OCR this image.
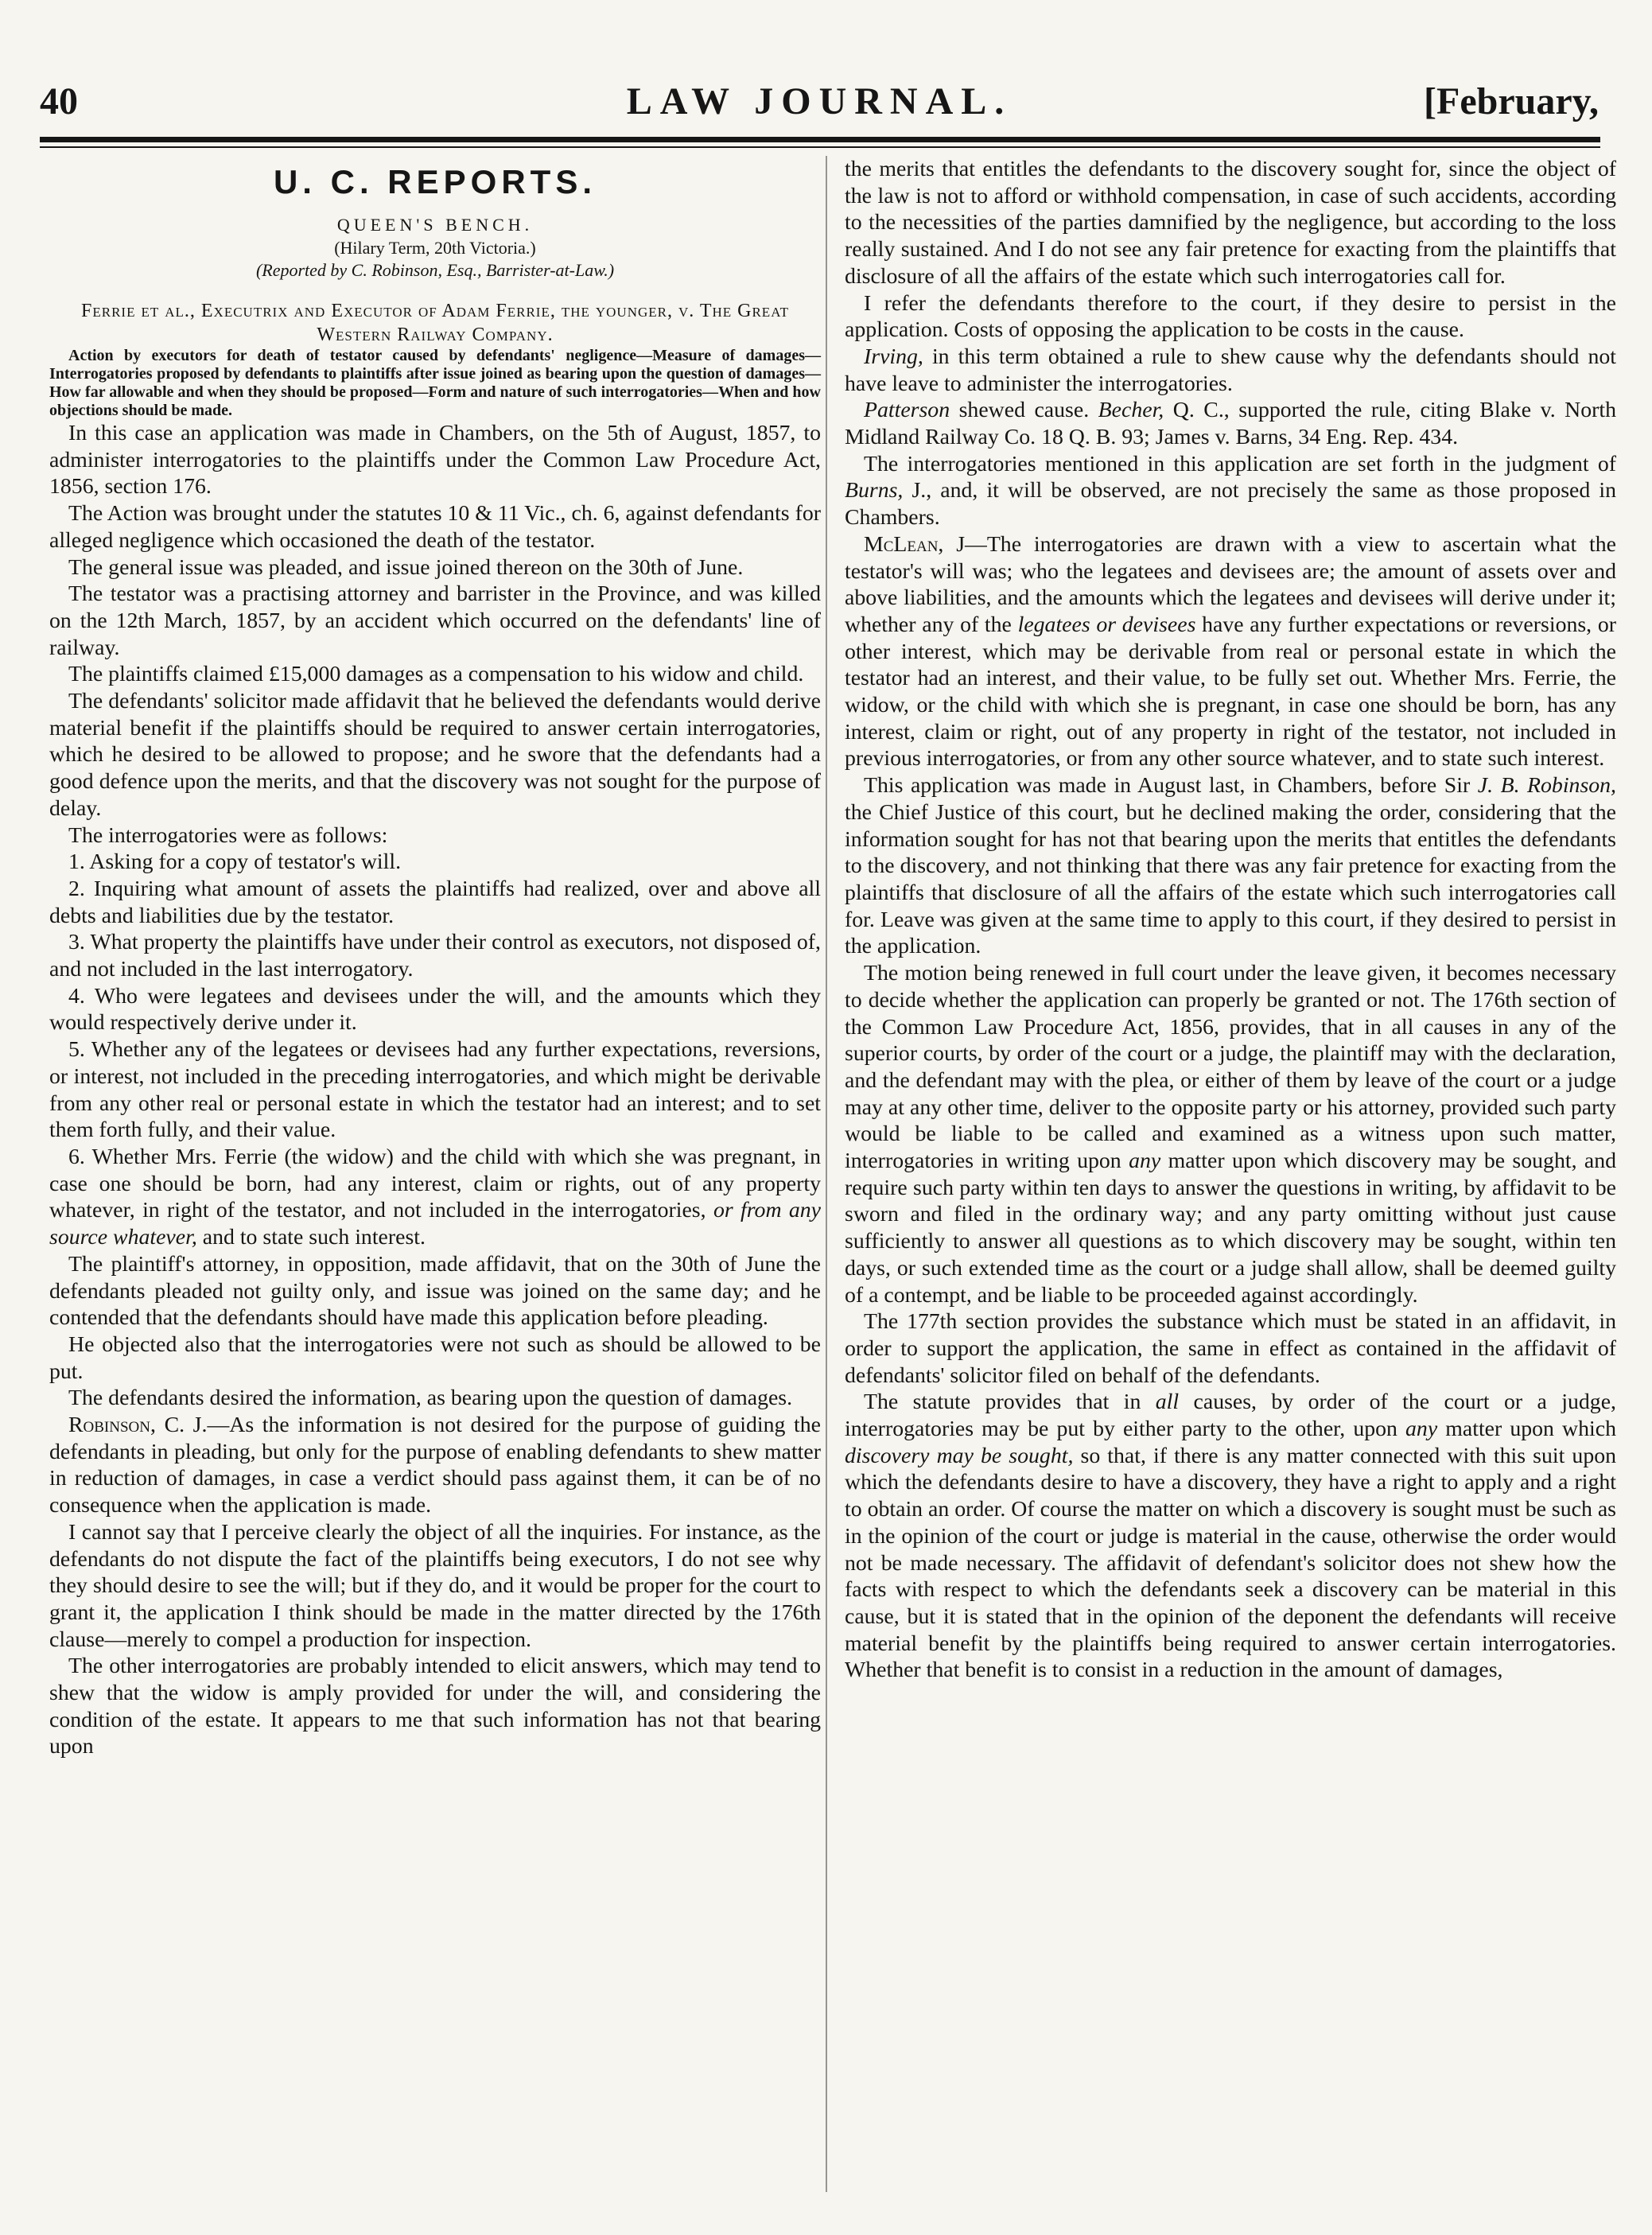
40	LAW JOURNAL.	[February,
U. C. REPORTS.
QUEEN'S BENCH.
(Hilary Term, 20th Victoria.)
(Reported by C. Robinson, Esq., Barrister-at-Law.)
Ferrie et al., Executrix and Executor of Adam Ferrie, the younger, v. The Great Western Railway Company.

Action by executors for death of testator caused by defendants' negligence—Measure of damages—Interrogatories proposed by defendants to plaintiffs after issue joined as bearing upon the question of damages—How far allowable and when they should be proposed—Form and nature of such interrogatories—When and how objections should be made.

In this case an application was made in Chambers, on the 5th of August, 1857, to administer interrogatories to the plaintiffs under the Common Law Procedure Act, 1856, section 176.

The Action was brought under the statutes 10 & 11 Vic., ch. 6, against defendants for alleged negligence which occasioned the death of the testator.

The general issue was pleaded, and issue joined thereon on the 30th of June.

The testator was a practising attorney and barrister in the Province, and was killed on the 12th March, 1857, by an accident which occurred on the defendants' line of railway.

The plaintiffs claimed £15,000 damages as a compensation to his widow and child.

The defendants' solicitor made affidavit that he believed the defendants would derive material benefit if the plaintiffs should be required to answer certain interrogatories, which he desired to be allowed to propose; and he swore that the defendants had a good defence upon the merits, and that the discovery was not sought for the purpose of delay.

The interrogatories were as follows:

1. Asking for a copy of testator's will.

2. Inquiring what amount of assets the plaintiffs had realized, over and above all debts and liabilities due by the testator.

3. What property the plaintiffs have under their control as executors, not disposed of, and not included in the last interrogatory.

4. Who were legatees and devisees under the will, and the amounts which they would respectively derive under it.

5. Whether any of the legatees or devisees had any further expectations, reversions, or interest, not included in the preceding interrogatories, and which might be derivable from any other real or personal estate in which the testator had an interest; and to set them forth fully, and their value.

6. Whether Mrs. Ferrie (the widow) and the child with which she was pregnant, in case one should be born, had any interest, claim or rights, out of any property whatever, in right of the testator, and not included in the interrogatories, or from any source whatever, and to state such interest.

The plaintiff's attorney, in opposition, made affidavit, that on the 30th of June the defendants pleaded not guilty only, and issue was joined on the same day; and he contended that the defendants should have made this application before pleading.

He objected also that the interrogatories were not such as should be allowed to be put.

The defendants desired the information, as bearing upon the question of damages.

Robinson, C. J.—As the information is not desired for the purpose of guiding the defendants in pleading, but only for the purpose of enabling defendants to shew matter in reduction of damages, in case a verdict should pass against them, it can be of no consequence when the application is made.

I cannot say that I perceive clearly the object of all the inquiries. For instance, as the defendants do not dispute the fact of the plaintiffs being executors, I do not see why they should desire to see the will; but if they do, and it would be proper for the court to grant it, the application I think should be made in the matter directed by the 176th clause—merely to compel a production for inspection.

The other interrogatories are probably intended to elicit answers, which may tend to shew that the widow is amply provided for under the will, and considering the condition of the estate. It appears to me that such information has not that bearing upon

the merits that entitles the defendants to the discovery sought for, since the object of the law is not to afford or withhold compensation, in case of such accidents, according to the necessities of the parties damnified by the negligence, but according to the loss really sustained. And I do not see any fair pretence for exacting from the plaintiffs that disclosure of all the affairs of the estate which such interrogatories call for.

I refer the defendants therefore to the court, if they desire to persist in the application. Costs of opposing the application to be costs in the cause.

Irving, in this term obtained a rule to shew cause why the defendants should not have leave to administer the interrogatories.

Patterson shewed cause. Becher, Q. C., supported the rule, citing Blake v. North Midland Railway Co. 18 Q. B. 93; James v. Barns, 34 Eng. Rep. 434.

The interrogatories mentioned in this application are set forth in the judgment of Burns, J., and, it will be observed, are not precisely the same as those proposed in Chambers.

McLean, J—The interrogatories are drawn with a view to ascertain what the testator's will was; who the legatees and devisees are; the amount of assets over and above liabilities, and the amounts which the legatees and devisees will derive under it; whether any of the legatees or devisees have any further expectations or reversions, or other interest, which may be derivable from real or personal estate in which the testator had an interest, and their value, to be fully set out. Whether Mrs. Ferrie, the widow, or the child with which she is pregnant, in case one should be born, has any interest, claim or right, out of any property in right of the testator, not included in previous interrogatories, or from any other source whatever, and to state such interest.

This application was made in August last, in Chambers, before Sir J. B. Robinson, the Chief Justice of this court, but he declined making the order, considering that the information sought for has not that bearing upon the merits that entitles the defendants to the discovery, and not thinking that there was any fair pretence for exacting from the plaintiffs that disclosure of all the affairs of the estate which such interrogatories call for. Leave was given at the same time to apply to this court, if they desired to persist in the application.

The motion being renewed in full court under the leave given, it becomes necessary to decide whether the application can properly be granted or not. The 176th section of the Common Law Procedure Act, 1856, provides, that in all causes in any of the superior courts, by order of the court or a judge, the plaintiff may with the declaration, and the defendant may with the plea, or either of them by leave of the court or a judge may at any other time, deliver to the opposite party or his attorney, provided such party would be liable to be called and examined as a witness upon such matter, interrogatories in writing upon any matter upon which discovery may be sought, and require such party within ten days to answer the questions in writing, by affidavit to be sworn and filed in the ordinary way; and any party omitting without just cause sufficiently to answer all questions as to which discovery may be sought, within ten days, or such extended time as the court or a judge shall allow, shall be deemed guilty of a contempt, and be liable to be proceeded against accordingly.

The 177th section provides the substance which must be stated in an affidavit, in order to support the application, the same in effect as contained in the affidavit of defendants' solicitor filed on behalf of the defendants.

The statute provides that in all causes, by order of the court or a judge, interrogatories may be put by either party to the other, upon any matter upon which discovery may be sought, so that, if there is any matter connected with this suit upon which the defendants desire to have a discovery, they have a right to apply and a right to obtain an order. Of course the matter on which a discovery is sought must be such as in the opinion of the court or judge is material in the cause, otherwise the order would not be made necessary. The affidavit of defendant's solicitor does not shew how the facts with respect to which the defendants seek a discovery can be material in this cause, but it is stated that in the opinion of the deponent the defendants will receive material benefit by the plaintiffs being required to answer certain interrogatories. Whether that benefit is to consist in a reduction in the amount of damages,
